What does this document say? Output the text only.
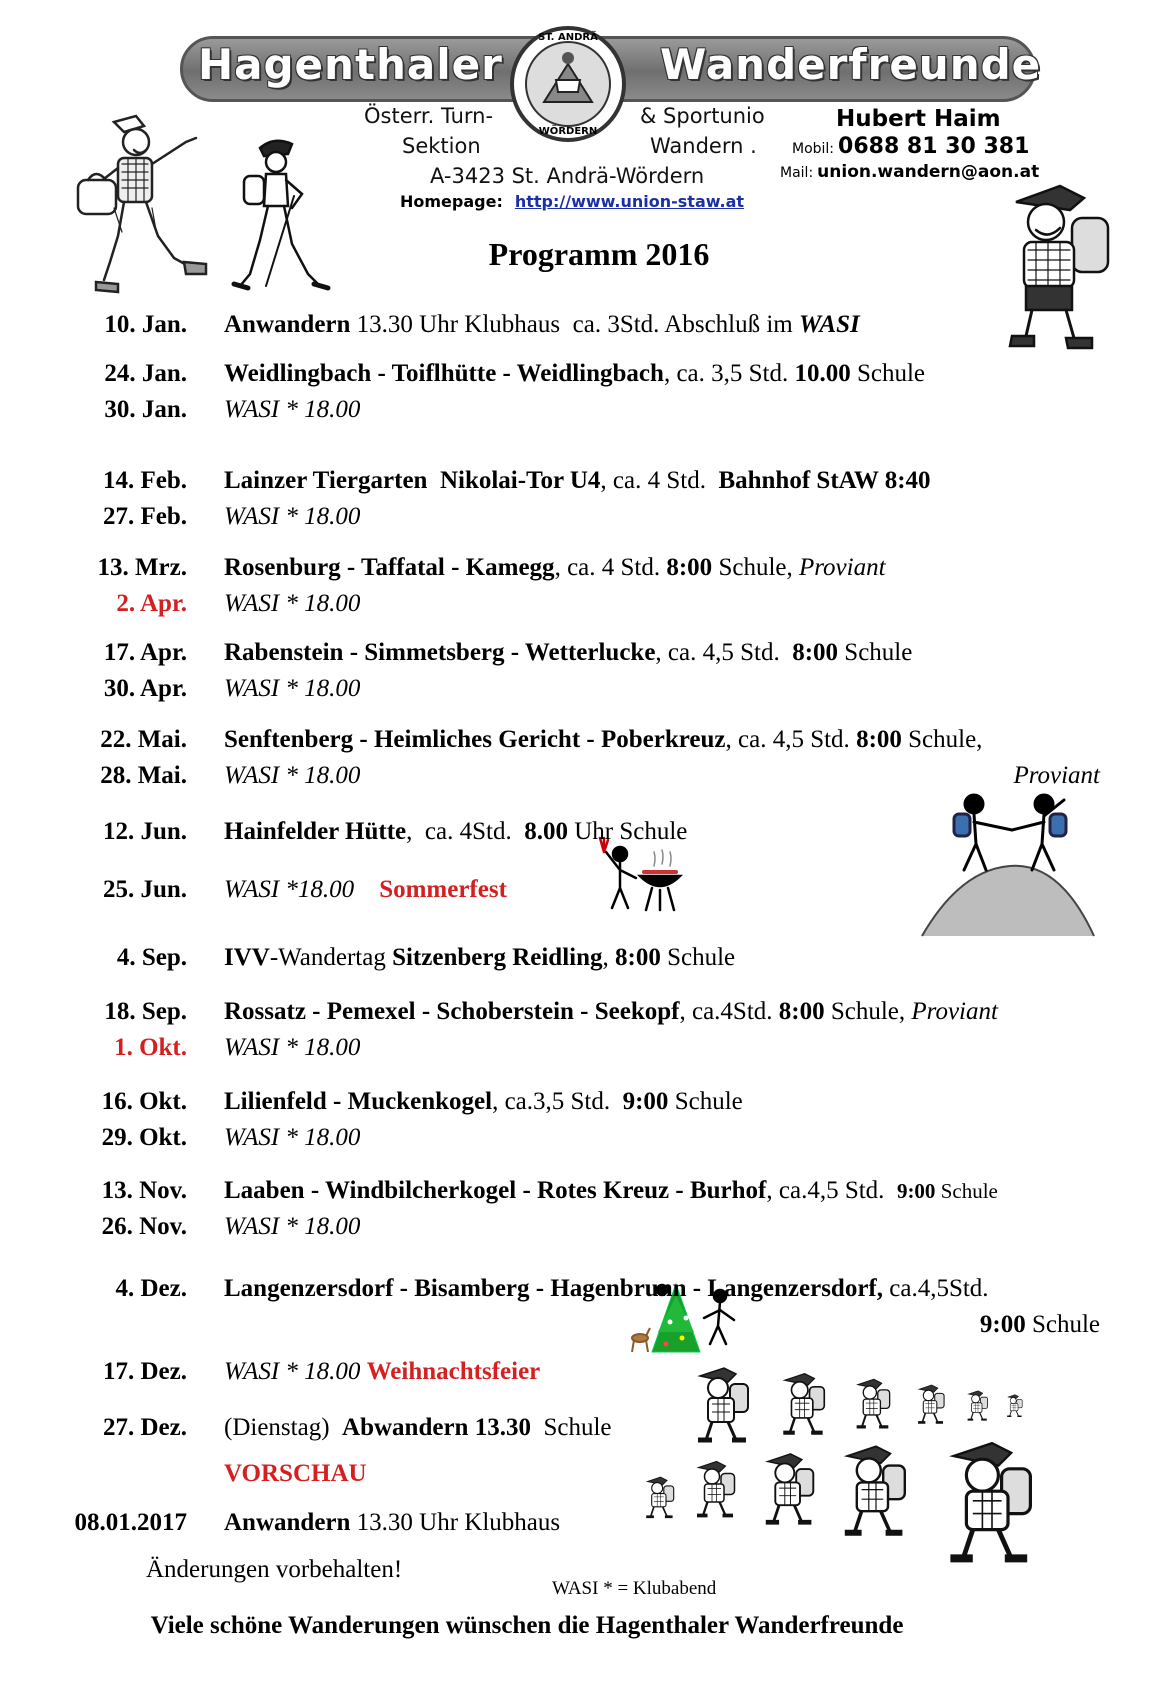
Hagenthaler	Wanderfreunde
ST. ANDRÄ
WÖRDERN
Österr. Turn-	& Sportunio
Sektion	Wandern .
A-3423 St. Andrä-Wördern
Homepage: http://www.union-staw.at
Hubert Haim
Mobil: 0688 81 30 381
Mail: union.wandern@aon.at
Programm 2016
10. Jan. Anwandern 13.30 Uhr Klubhaus  ca. 3Std. Abschluß im WASI
24. Jan. Weidlingbach - Toiflhütte - Weidlingbach, ca. 3,5 Std. 10.00 Schule
30. Jan. WASI * 18.00
14. Feb. Lainzer Tiergarten  Nikolai-Tor U4, ca. 4 Std.  Bahnhof StAW 8:40
27. Feb. WASI * 18.00
13. Mrz. Rosenburg - Taffatal - Kamegg, ca. 4 Std. 8:00 Schule, Proviant
2. Apr. WASI * 18.00
17. Apr. Rabenstein - Simmetsberg - Wetterlucke, ca. 4,5 Std.  8:00 Schule
30. Apr. WASI * 18.00
22. Mai. Senftenberg - Heimliches Gericht - Poberkreuz, ca. 4,5 Std. 8:00 Schule,
28. Mai. WASI * 18.00	Proviant
12. Jun. Hainfelder Hütte,  ca. 4Std.  8.00 Uhr Schule
25. Jun. WASI *18.00 Sommerfest
4. Sep. IVV-Wandertag Sitzenberg Reidling, 8:00 Schule
18. Sep. Rossatz - Pemexel - Schoberstein - Seekopf, ca.4Std. 8:00 Schule, Proviant
1. Okt. WASI * 18.00
16. Okt. Lilienfeld - Muckenkogel, ca.3,5 Std.  9:00 Schule
29. Okt. WASI * 18.00
13. Nov. Laaben - Windbilcherkogel - Rotes Kreuz - Burhof, ca.4,5 Std.  9:00 Schule
26. Nov. WASI * 18.00
4. Dez. Langenzersdorf - Bisamberg - Hagenbrunn - Langenzersdorf, ca.4,5Std.
9:00 Schule
17. Dez. WASI * 18.00 Weihnachtsfeier
27. Dez. (Dienstag)  Abwandern 13.30  Schule
VORSCHAU
08.01.2017 Anwandern 13.30 Uhr Klubhaus
Änderungen vorbehalten!
WASI * = Klubabend
Viele schöne Wanderungen wünschen die Hagenthaler Wanderfreunde
